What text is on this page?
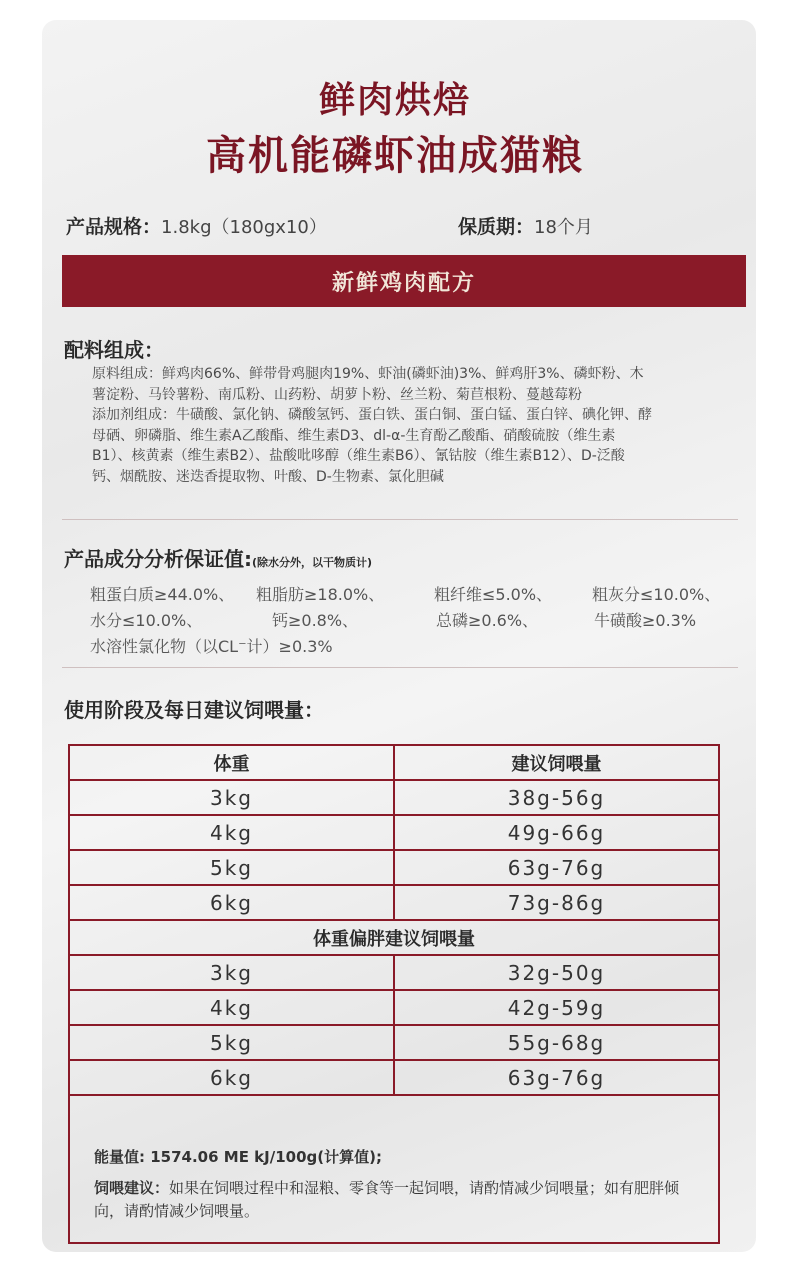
鲜肉烘焙
高机能磷虾油成猫粮
产品规格：1.8kg（180gx10）	保质期：18个月
新鲜鸡肉配方
配料组成：

原料组成：鲜鸡肉66%、鲜带骨鸡腿肉19%、虾油(磷虾油)3%、鲜鸡肝3%、磷虾粉、木

薯淀粉、马铃薯粉、南瓜粉、山药粉、胡萝卜粉、丝兰粉、菊苣根粉、蔓越莓粉

添加剂组成：牛磺酸、氯化钠、磷酸氢钙、蛋白铁、蛋白铜、蛋白锰、蛋白锌、碘化钾、酵

母硒、卵磷脂、维生素A乙酸酯、维生素D3、dl-α-生育酚乙酸酯、硝酸硫胺（维生素

B1）、核黄素（维生素B2）、盐酸吡哆醇（维生素B6）、氰钴胺（维生素B12）、D-泛酸

钙、烟酰胺、迷迭香提取物、叶酸、D-生物素、氯化胆碱

产品成分分析保证值:(除水分外，以干物质计)
粗蛋白质≥44.0%、 粗脂肪≥18.0%、	粗纤维≤5.0%、 粗灰分≤10.0%、
水分≤10.0%、	钙≥0.8%、	总磷≥0.6%、	牛磺酸≥0.3%
水溶性氯化物（以CL⁻计）≥0.3%
使用阶段及每日建议饲喂量：
体重	建议饲喂量
3kg	38g-56g
4kg	49g-66g
5kg	63g-76g
6kg	73g-86g
体重偏胖建议饲喂量	
3kg	32g-50g
4kg	42g-59g
5kg	55g-68g
6kg	63g-76g

能量值: 1574.06 ME kJ/100g(计算值);

饲喂建议：如果在饲喂过程中和湿粮、零食等一起饲喂，请酌情减少饲喂量；如有肥胖倾向，请酌情减少饲喂量。
